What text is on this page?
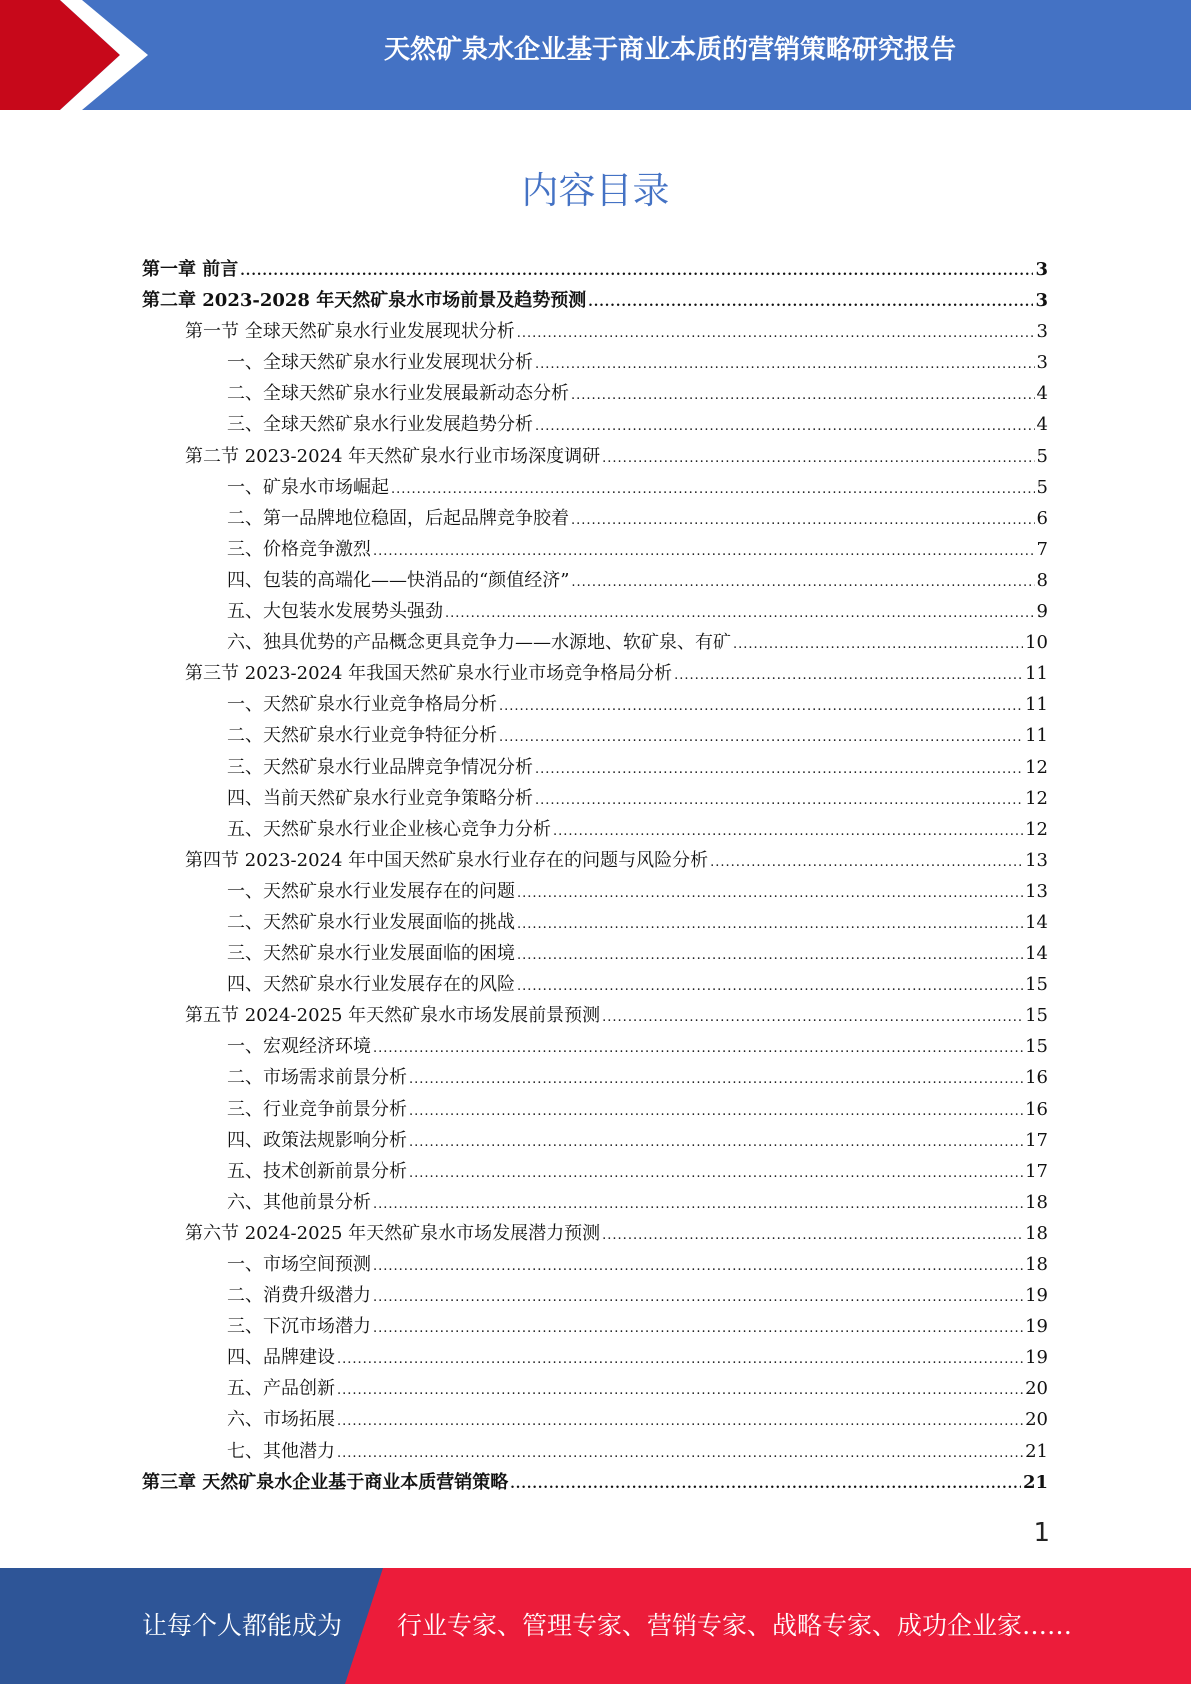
天然矿泉水企业基于商业本质的营销策略研究报告
内容目录
第一章 前言 .....	3
第二章 2023-2028 年天然矿泉水市场前景及趋势预测 .....	3
第一节 全球天然矿泉水行业发展现状分析 .....	3
一、全球天然矿泉水行业发展现状分析 .....	3
二、全球天然矿泉水行业发展最新动态分析 .....	4
三、全球天然矿泉水行业发展趋势分析 .....	4
第二节 2023-2024 年天然矿泉水行业市场深度调研 .....	5
一、矿泉水市场崛起 .....	5
二、第一品牌地位稳固，后起品牌竞争胶着 .....	6
三、价格竞争激烈 .....	7
四、包装的高端化——快消品的“颜值经济” .....	8
五、大包装水发展势头强劲 .....	9
六、独具优势的产品概念更具竞争力——水源地、软矿泉、有矿 .....	10
第三节 2023-2024 年我国天然矿泉水行业市场竞争格局分析 .....	11
一、天然矿泉水行业竞争格局分析 .....	11
二、天然矿泉水行业竞争特征分析 .....	11
三、天然矿泉水行业品牌竞争情况分析 .....	12
四、当前天然矿泉水行业竞争策略分析 .....	12
五、天然矿泉水行业企业核心竞争力分析 .....	12
第四节 2023-2024 年中国天然矿泉水行业存在的问题与风险分析 .....	13
一、天然矿泉水行业发展存在的问题 .....	13
二、天然矿泉水行业发展面临的挑战 .....	14
三、天然矿泉水行业发展面临的困境 .....	14
四、天然矿泉水行业发展存在的风险 .....	15
第五节 2024-2025 年天然矿泉水市场发展前景预测 .....	15
一、宏观经济环境 .....	15
二、市场需求前景分析 .....	16
三、行业竞争前景分析 .....	16
四、政策法规影响分析 .....	17
五、技术创新前景分析 .....	17
六、其他前景分析 .....	18
第六节 2024-2025 年天然矿泉水市场发展潜力预测 .....	18
一、市场空间预测 .....	18
二、消费升级潜力 .....	19
三、下沉市场潜力 .....	19
四、品牌建设 .....	19
五、产品创新 .....	20
六、市场拓展 .....	20
七、其他潜力 .....	21
第三章 天然矿泉水企业基于商业本质营销策略 .....	21
1
让每个人都能成为 行业专家、管理专家、营销专家、战略专家、成功企业家……
